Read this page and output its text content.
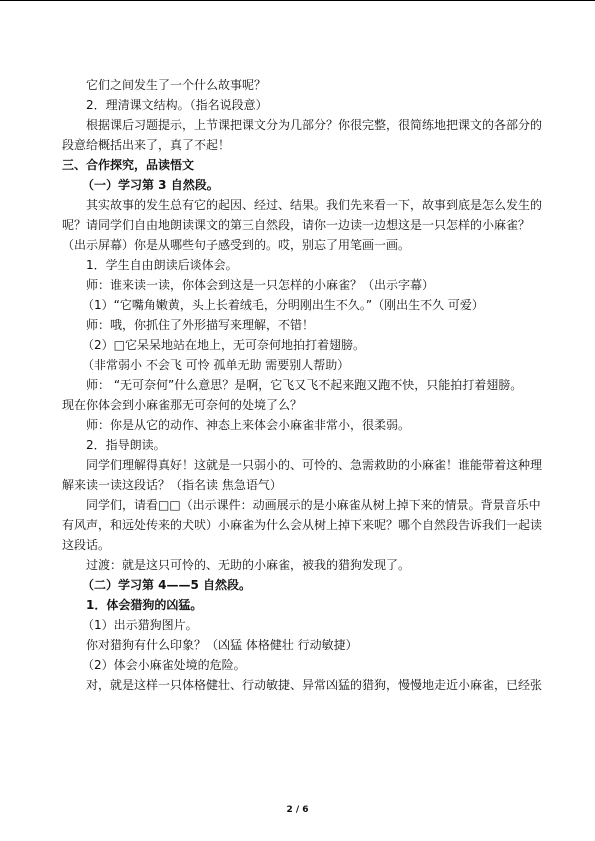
它们之间发生了一个什么故事呢？
2．理清课文结构。（指名说段意）
根据课后习题提示，上节课把课文分为几部分？你很完整，很简练地把课文的各部分的
段意给概括出来了，真了不起！
三、合作探究，品读悟文
（一）学习第 3 自然段。
其实故事的发生总有它的起因、经过、结果。我们先来看一下，故事到底是怎么发生的
呢？请同学们自由地朗读课文的第三自然段，请你一边读一边想这是一只怎样的小麻雀？
（出示屏幕）你是从哪些句子感受到的。哎，别忘了用笔画一画。
1．学生自由朗读后谈体会。
师：谁来读一读，你体会到这是一只怎样的小麻雀？（出示字幕）
（1）“它嘴角嫩黄，头上长着绒毛，分明刚出生不久。”（刚出生不久 可爱）
师：哦，你抓住了外形描写来理解，不错！
（2）□它呆呆地站在地上，无可奈何地拍打着翅膀。
（非常弱小 不会飞 可怜 孤单无助 需要别人帮助）
师： “无可奈何”什么意思？是啊，它飞又飞不起来跑又跑不快，只能拍打着翅膀。
现在你体会到小麻雀那无可奈何的处境了么？
师：你是从它的动作、神态上来体会小麻雀非常小，很柔弱。
2．指导朗读。
同学们理解得真好！这就是一只弱小的、可怜的、急需救助的小麻雀！谁能带着这种理
解来读一读这段话？（指名读 焦急语气）
同学们，请看□□（出示课件：动画展示的是小麻雀从树上掉下来的情景。背景音乐中
有风声，和远处传来的犬吠）小麻雀为什么会从树上掉下来呢？哪个自然段告诉我们一起读
这段话。
过渡：就是这只可怜的、无助的小麻雀，被我的猎狗发现了。
（二）学习第 4——5 自然段。
1．体会猎狗的凶猛。
（1）出示猎狗图片。
你对猎狗有什么印象？（凶猛 体格健壮 行动敏捷）
（2）体会小麻雀处境的危险。
对，就是这样一只体格健壮、行动敏捷、异常凶猛的猎狗，慢慢地走近小麻雀，已经张
2 / 6
